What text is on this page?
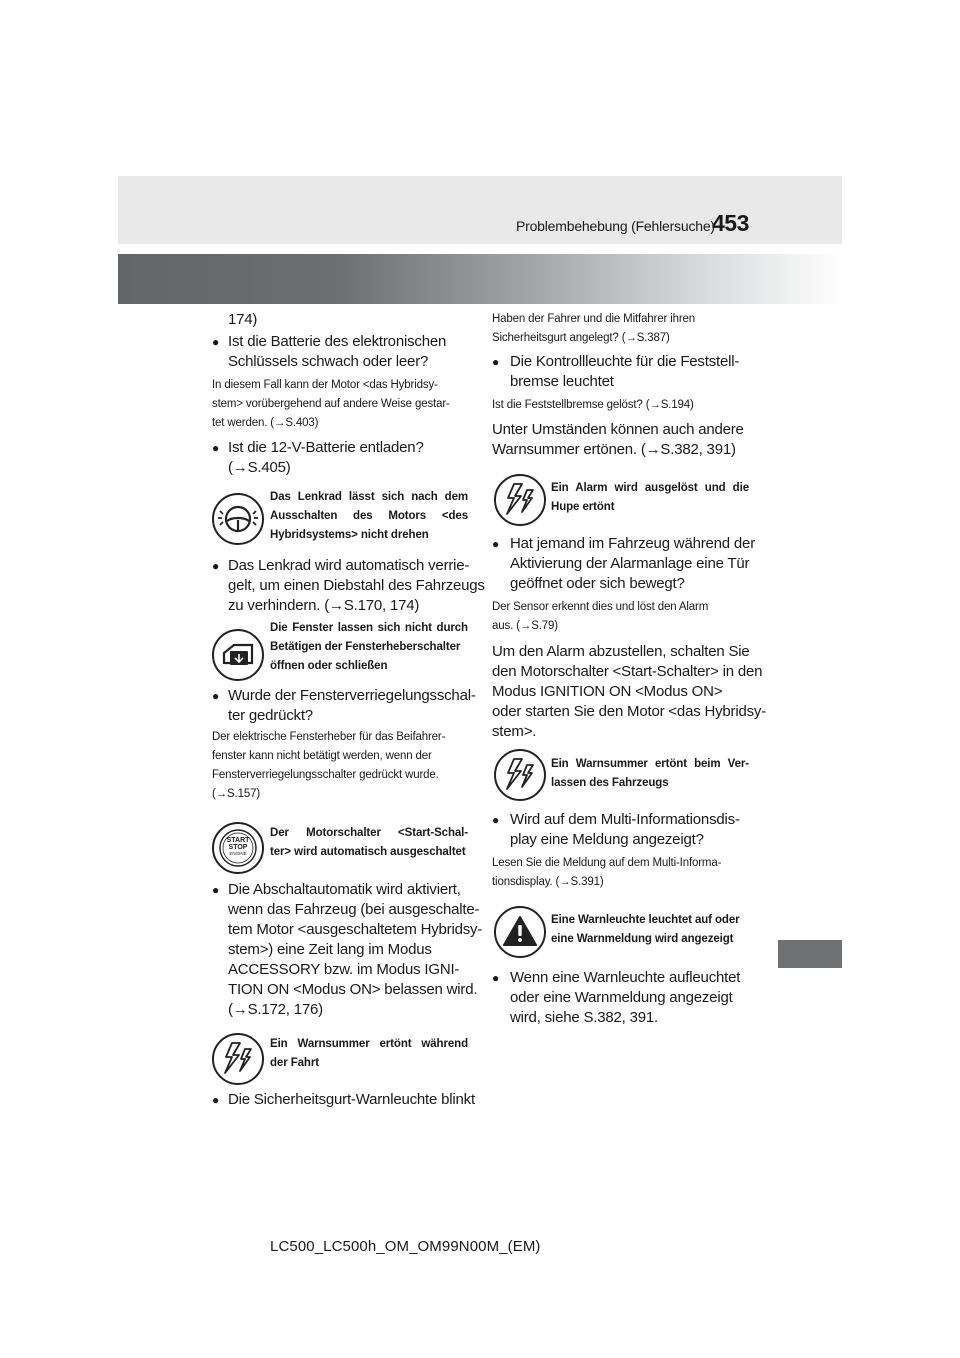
Problembehebung (Fehlersuche)
453
174)
● Ist die Batterie des elektronischen
Schlüssels schwach oder leer?
In diesem Fall kann der Motor <das Hybridsy-
stem> vorübergehend auf andere Weise gestar-
tet werden. (→S.403)
● Ist die 12-V-Batterie entladen?
(→S.405)
Das Lenkrad lässt sich nach dem
Ausschalten des Motors <des
Hybridsystems> nicht drehen
● Das Lenkrad wird automatisch verrie-
gelt, um einen Diebstahl des Fahrzeugs
zu verhindern. (→S.170, 174)
Die Fenster lassen sich nicht durch
Betätigen der Fensterheberschalter
öffnen oder schließen
● Wurde der Fensterverriegelungsschal-
ter gedrückt?
Der elektrische Fensterheber für das Beifahrer-
fenster kann nicht betätigt werden, wenn der
Fensterverriegelungsschalter gedrückt wurde.
(→S.157)
START
STOP
ENGINE
Der Motorschalter <Start-Schal-
ter> wird automatisch ausgeschaltet
● Die Abschaltautomatik wird aktiviert,
wenn das Fahrzeug (bei ausgeschalte-
tem Motor <ausgeschaltetem Hybridsy-
stem>) eine Zeit lang im Modus
ACCESSORY bzw. im Modus IGNI-
TION ON <Modus ON> belassen wird.
(→S.172, 176)
Ein Warnsummer ertönt während
der Fahrt
● Die Sicherheitsgurt-Warnleuchte blinkt
Haben der Fahrer und die Mitfahrer ihren
Sicherheitsgurt angelegt? (→S.387)
● Die Kontrollleuchte für die Feststell-
bremse leuchtet
Ist die Feststellbremse gelöst? (→S.194)
Unter Umständen können auch andere
Warnsummer ertönen. (→S.382, 391)
Ein Alarm wird ausgelöst und die
Hupe ertönt
● Hat jemand im Fahrzeug während der
Aktivierung der Alarmanlage eine Tür
geöffnet oder sich bewegt?
Der Sensor erkennt dies und löst den Alarm
aus. (→S.79)
Um den Alarm abzustellen, schalten Sie
den Motorschalter <Start-Schalter> in den
Modus IGNITION ON <Modus ON>
oder starten Sie den Motor <das Hybridsy-
stem>.
Ein Warnsummer ertönt beim Ver-
lassen des Fahrzeugs
● Wird auf dem Multi-Informationsdis-
play eine Meldung angezeigt?
Lesen Sie die Meldung auf dem Multi-Informa-
tionsdisplay. (→S.391)
Eine Warnleuchte leuchtet auf oder
eine Warnmeldung wird angezeigt
● Wenn eine Warnleuchte aufleuchtet
oder eine Warnmeldung angezeigt
wird, siehe S.382, 391.
LC500_LC500h_OM_OM99N00M_(EM)
